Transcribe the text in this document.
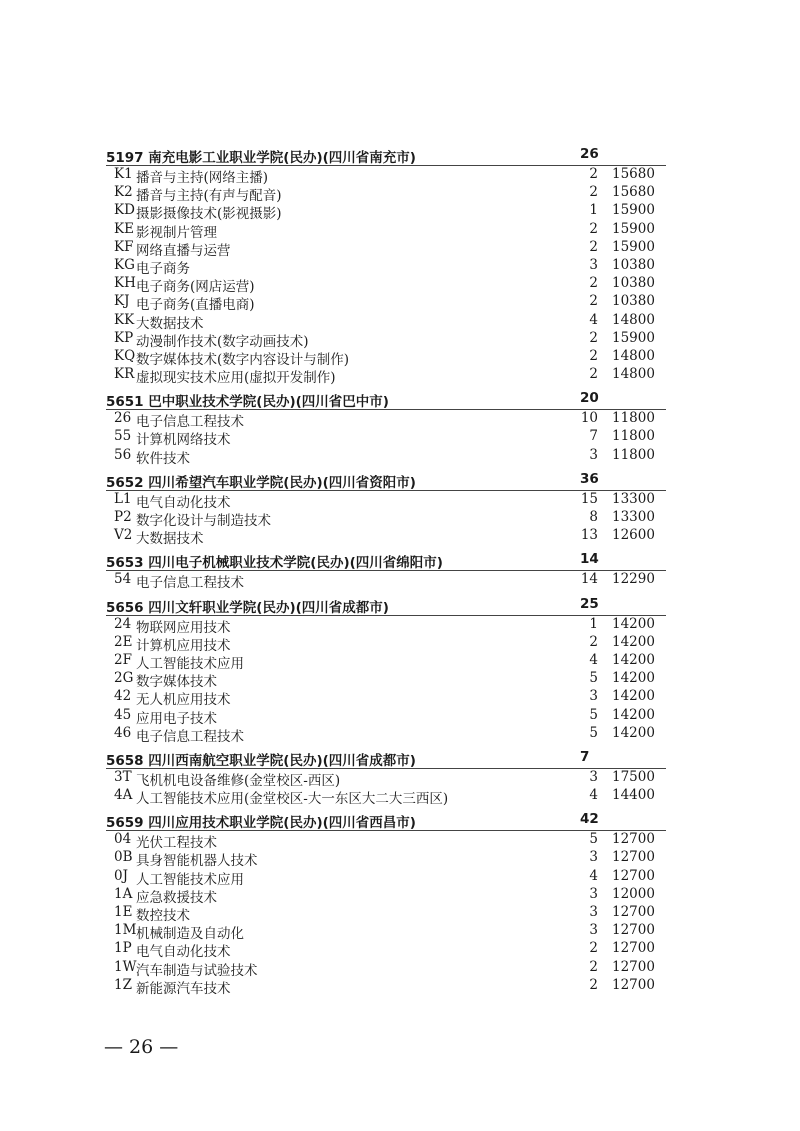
5197 南充电影工业职业学院(民办)(四川省南充市)	26
K1 播音与主持(网络主播)	2 15680
K2 播音与主持(有声与配音)	2 15680
KD 摄影摄像技术(影视摄影)	1 15900
KE 影视制片管理	2 15900
KF 网络直播与运营	2 15900
KG 电子商务	3 10380
KH 电子商务(网店运营)	2 10380
KJ 电子商务(直播电商)	2 10380
KK 大数据技术	4 14800
KP 动漫制作技术(数字动画技术)	2 15900
KQ 数字媒体技术(数字内容设计与制作)	2 14800
KR 虚拟现实技术应用(虚拟开发制作)	2 14800
5651 巴中职业技术学院(民办)(四川省巴中市)	20
26 电子信息工程技术	10 11800
55 计算机网络技术	7 11800
56 软件技术	3 11800
5652 四川希望汽车职业学院(民办)(四川省资阳市)	36
L1 电气自动化技术	15 13300
P2 数字化设计与制造技术	8 13300
V2 大数据技术	13 12600
5653 四川电子机械职业技术学院(民办)(四川省绵阳市)	14
54 电子信息工程技术	14 12290
5656 四川文轩职业学院(民办)(四川省成都市)	25
24 物联网应用技术	1 14200
2E 计算机应用技术	2 14200
2F 人工智能技术应用	4 14200
2G 数字媒体技术	5 14200
42 无人机应用技术	3 14200
45 应用电子技术	5 14200
46 电子信息工程技术	5 14200
5658 四川西南航空职业学院(民办)(四川省成都市)	7
3T 飞机机电设备维修(金堂校区-西区)	3 17500
4A 人工智能技术应用(金堂校区-大一东区大二大三西区)	4 14400
5659 四川应用技术职业学院(民办)(四川省西昌市)	42
04 光伏工程技术	5 12700
0B 具身智能机器人技术	3 12700
0J 人工智能技术应用	4 12700
1A 应急救援技术	3 12000
1E 数控技术	3 12700
1M 机械制造及自动化	3 12700
1P 电气自动化技术	2 12700
1W 汽车制造与试验技术	2 12700
1Z 新能源汽车技术	2 12700
— 26 —
